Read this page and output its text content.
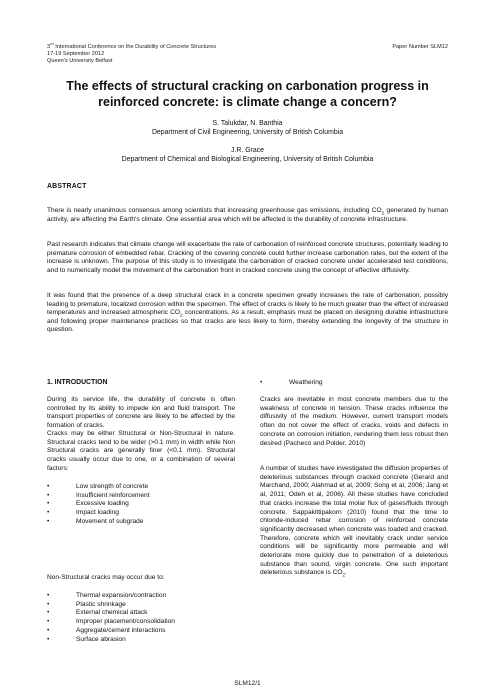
3rd International Conference on the Durability of Concrete Structures
17-19 September 2012
Queen's University Belfast
Paper Number SLM12
The effects of structural cracking on carbonation progress in reinforced concrete: is climate change a concern?
S. Talukdar, N. Banthia
Department of Civil Engineering, University of British Columbia
J.R. Grace
Department of Chemical and Biological Engineering, University of British Columbia
ABSTRACT
There is nearly unanimous consensus among scientists that increasing greenhouse gas emissions, including $CO_2$ generated by human activity, are affecting the Earth's climate. One essential area which will be affected is the durability of concrete infrastructure.
Past research indicates that climate change will exacerbate the rate of carbonation of reinforced concrete structures, potentially leading to premature corrosion of embedded rebar. Cracking of the covering concrete could further increase carbonation rates, but the extent of the increase is unknown. The purpose of this study is to investigate the carbonation of cracked concrete under accelerated test conditions, and to numerically model the movement of the carbonation front in cracked concrete using the concept of effective diffusivity.
It was found that the presence of a deep structural crack in a concrete specimen greatly increases the rate of carbonation, possibly leading to premature, localized corrosion within the specimen. The effect of cracks is likely to be much greater than the effect of increased temperatures and increased atmospheric $CO_2$ concentrations. As a result, emphasis must be placed on designing durable infrastructure and following proper maintenance practices so that cracks are less likely to form, thereby extending the longevity of the structure in question.
1. INTRODUCTION
During its service life, the durability of concrete is often controlled by its ability to impede ion and fluid transport. The transport properties of concrete are likely to be affected by the formation of cracks.
Cracks may be either Structural or Non-Structural in nature. Structural cracks tend to be wider (>0.1 mm) in width while Non Structural cracks are generally finer (<0.1 mm). Structural cracks usually occur due to one, or a combination of several factors:
• Low strength of concrete
• Insufficient reinforcement
• Excessive loading
• Impact loading
• Movement of subgrade
Non-Structural cracks may occur due to:
• Thermal expansion/contraction
• Plastic shrinkage
• External chemical attack
• Improper placement/consolidation
• Aggregate/cement interactions
• Surface abrasion
• Weathering
Cracks are inevitable in most concrete members due to the weakness of concrete in tension. These cracks influence the diffusivity of the medium. However, current transport models often do not cover the effect of cracks, voids and defects in concrete on corrosion initiation, rendering them less robust then desired (Pacheco and Polder, 2010)
A number of studies have investigated the diffusion properties of deleterious substances through cracked concrete (Gerard and Marchand, 2000; Alahmad et al, 2009; Song et al, 2006; Jang et al, 2011; Odeh et al, 2006). All these studies have concluded that cracks increase the total molar flux of gases/fluids through concrete. Sappakittipakorn (2010) found that the time to chloride-induced rebar corrosion of reinforced concrete significantly decreased when concrete was loaded and cracked. Therefore, concrete which will inevitably crack under service conditions will be significantly more permeable and will deteriorate more quickly due to penetration of a deleterious substance than sound, virgin concrete. One such important deleterious substance is $CO_2$.
SLM12/1
